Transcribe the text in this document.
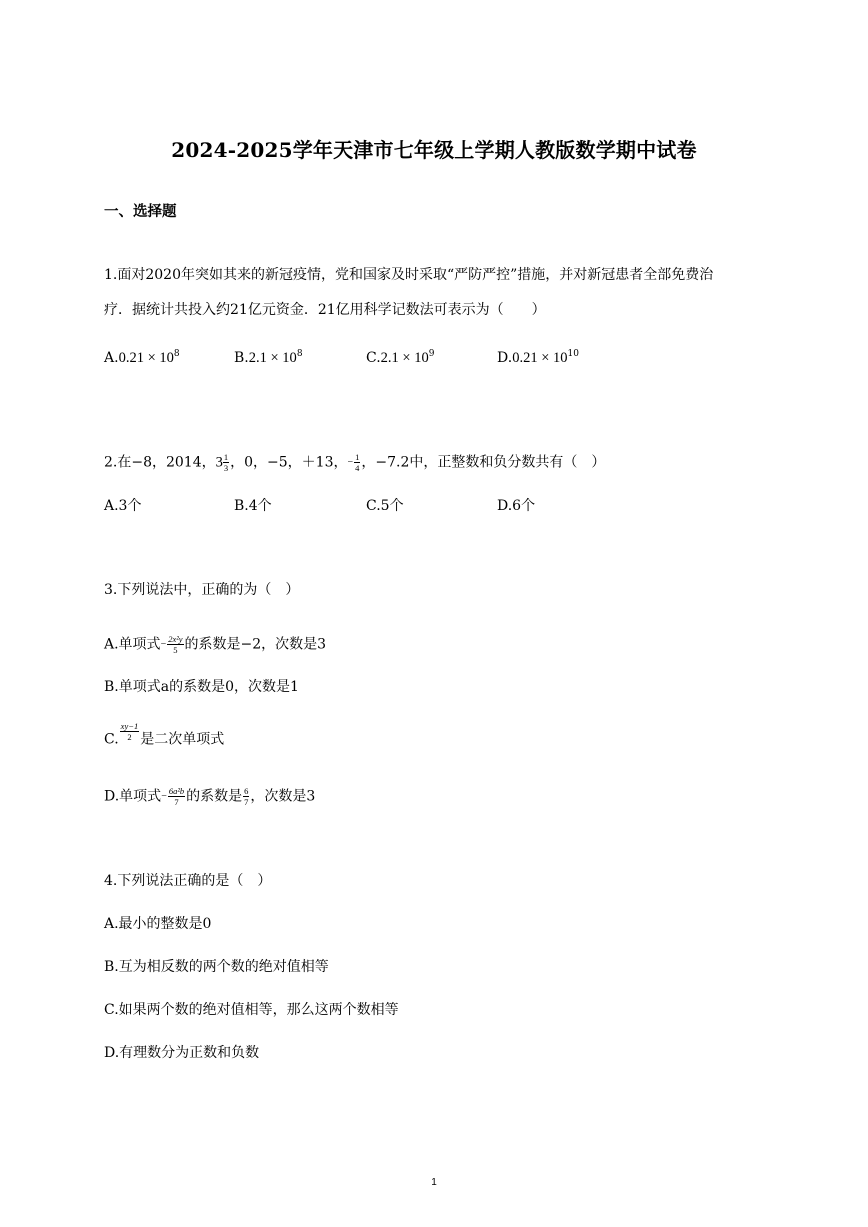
2024-2025学年天津市七年级上学期人教版数学期中试卷
一、选择题
1.面对2020年突如其来的新冠疫情，党和国家及时采取“严防严控”措施，并对新冠患者全部免费治
疗．据统计共投入约21亿元资金．21亿用科学记数法可表示为（　　）
$A.0.21 \times 10^8$	$B.2.1 \times 10^8$	$C.2.1 \times 10^9$	$D.0.21 \times 10^{10}$
2.在−8，2014，$3 \frac{1}{3}$ ，0，−5，＋13， − $\frac{1}{4}$ ，−7.2中，正整数和负分数共有（　）
A.3个	B.4个	C.5个	D.6个
3.下列说法中，正确的为（　）
A.单项式 − $\frac{\text{2x²y}}{5}$ 的系数是−2，次数是3
B.单项式a的系数是0，次数是1
C. $\frac{xy-1}{2}$ 是二次单项式
D.单项式 − $\frac{\text{6a²b}}{7}$ 的系数是 $\frac{6}{7}$ ，次数是3
4.下列说法正确的是（　）
A.最小的整数是0
B.互为相反数的两个数的绝对值相等
C.如果两个数的绝对值相等，那么这两个数相等
D.有理数分为正数和负数
1
